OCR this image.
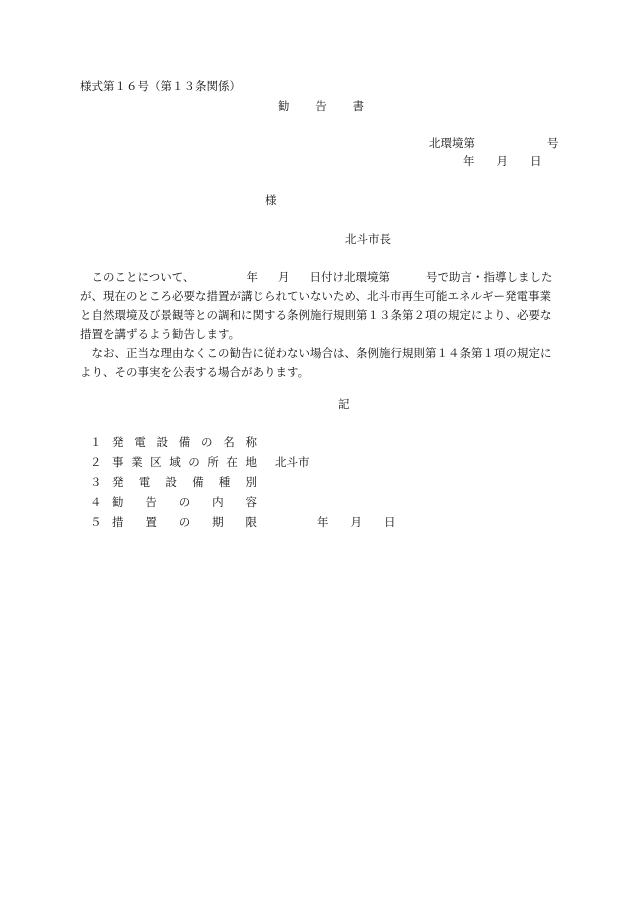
様式第１６号（第１３条関係）
勧 告 書
北環境第	号
年 月 日
様
北斗市長

このことについて、	年 月 日付け北環境第	号で助言・指導しましたが、現在のところ必要な措置が講じられていないため、北斗市再生可能エネルギー発電事業と自然環境及び景観等との調和に関する条例施行規則第１３条第２項の規定により、必要な措置を講ずるよう勧告します。

なお、正当な理由なくこの勧告に従わない場合は、条例施行規則第１４条第１項の規定により、その事実を公表する場合があります。

記
１ 発 電 設 備 の 名 称
２ 事 業 区 域 の 所 在 地 北斗市
３ 発 電 設 備 種 別
４ 勧 告 の 内 容
５ 措 置 の 期 限	年 月 日
